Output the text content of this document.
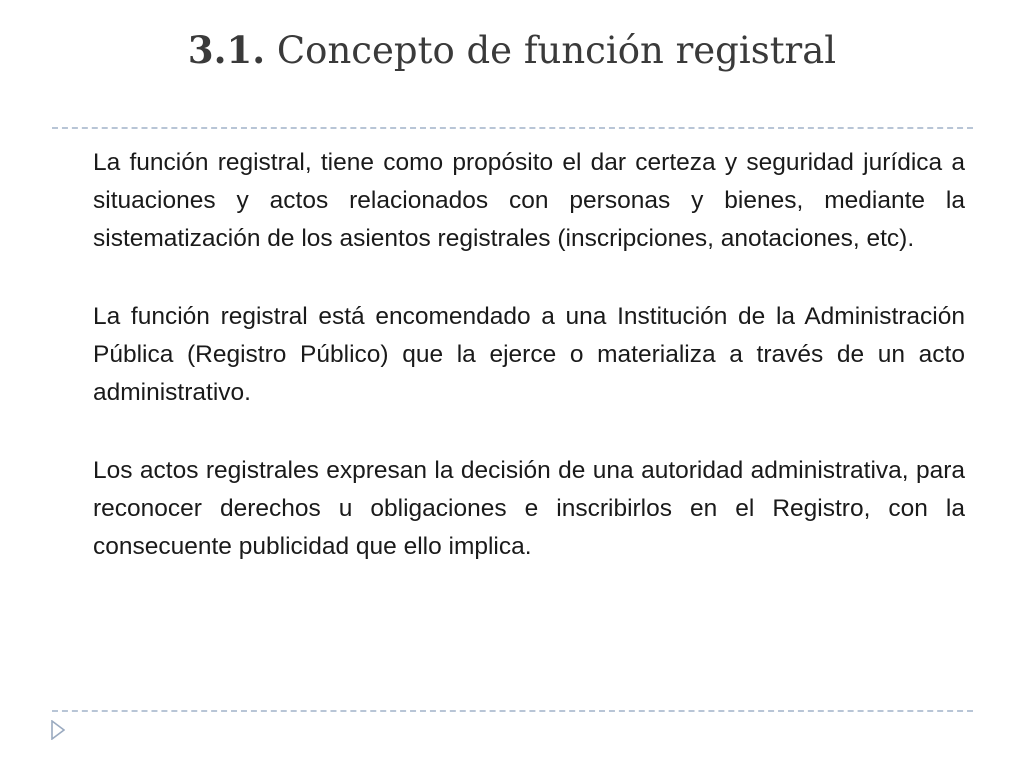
3.1. Concepto de función registral

La función registral, tiene como propósito el dar certeza y seguridad jurídica a situaciones y actos relacionados con personas y bienes, mediante la sistematización de los asientos registrales (inscripciones, anotaciones, etc).

La función registral está encomendado a una Institución de la Administración Pública (Registro Público) que la ejerce o materializa a través de un acto administrativo.

Los actos registrales expresan la decisión de una autoridad administrativa, para reconocer derechos u obligaciones e inscribirlos en el Registro, con la consecuente publicidad que ello implica.
